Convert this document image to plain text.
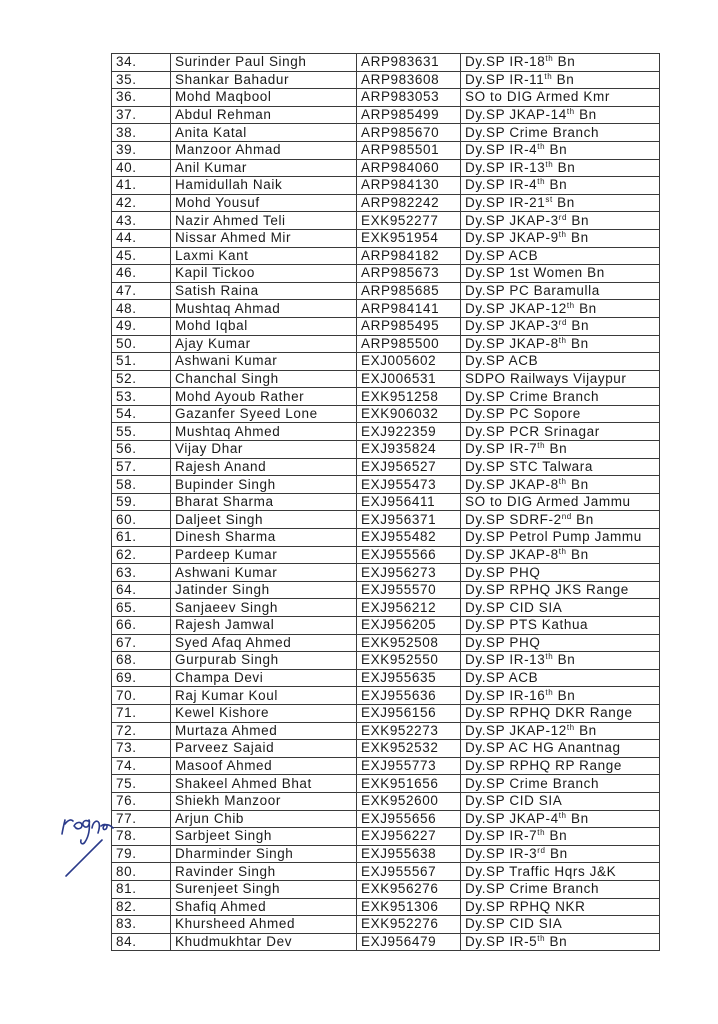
34.	Surinder Paul Singh	ARP983631	Dy.SP IR-18th Bn
35.	Shankar Bahadur	ARP983608	Dy.SP IR-11th Bn
36.	Mohd Maqbool	ARP983053	SO to DIG Armed Kmr
37.	Abdul Rehman	ARP985499	Dy.SP JKAP-14th Bn
38.	Anita Katal	ARP985670	Dy.SP Crime Branch
39.	Manzoor Ahmad	ARP985501	Dy.SP IR-4th Bn
40.	Anil Kumar	ARP984060	Dy.SP IR-13th Bn
41.	Hamidullah Naik	ARP984130	Dy.SP IR-4th Bn
42.	Mohd Yousuf	ARP982242	Dy.SP IR-21st Bn
43.	Nazir Ahmed Teli	EXK952277	Dy.SP JKAP-3rd Bn
44.	Nissar Ahmed Mir	EXK951954	Dy.SP JKAP-9th Bn
45.	Laxmi Kant	ARP984182	Dy.SP ACB
46.	Kapil Tickoo	ARP985673	Dy.SP 1st Women Bn
47.	Satish Raina	ARP985685	Dy.SP PC Baramulla
48.	Mushtaq Ahmad	ARP984141	Dy.SP JKAP-12th Bn
49.	Mohd Iqbal	ARP985495	Dy.SP JKAP-3rd Bn
50.	Ajay Kumar	ARP985500	Dy.SP JKAP-8th Bn
51.	Ashwani Kumar	EXJ005602	Dy.SP ACB
52.	Chanchal Singh	EXJ006531	SDPO Railways Vijaypur
53.	Mohd Ayoub Rather	EXK951258	Dy.SP Crime Branch
54.	Gazanfer Syeed Lone	EXK906032	Dy.SP PC Sopore
55.	Mushtaq Ahmed	EXJ922359	Dy.SP PCR Srinagar
56.	Vijay Dhar	EXJ935824	Dy.SP IR-7th Bn
57.	Rajesh Anand	EXJ956527	Dy.SP STC Talwara
58.	Bupinder Singh	EXJ955473	Dy.SP JKAP-8th Bn
59.	Bharat Sharma	EXJ956411	SO to DIG Armed Jammu
60.	Daljeet Singh	EXJ956371	Dy.SP SDRF-2nd Bn
61.	Dinesh Sharma	EXJ955482	Dy.SP Petrol Pump Jammu
62.	Pardeep Kumar	EXJ955566	Dy.SP JKAP-8th Bn
63.	Ashwani Kumar	EXJ956273	Dy.SP PHQ
64.	Jatinder Singh	EXJ955570	Dy.SP RPHQ JKS Range
65.	Sanjaeev Singh	EXJ956212	Dy.SP CID SIA
66.	Rajesh Jamwal	EXJ956205	Dy.SP PTS Kathua
67.	Syed Afaq Ahmed	EXK952508	Dy.SP PHQ
68.	Gurpurab Singh	EXK952550	Dy.SP IR-13th Bn
69.	Champa Devi	EXJ955635	Dy.SP ACB
70.	Raj Kumar Koul	EXJ955636	Dy.SP IR-16th Bn
71.	Kewel Kishore	EXJ956156	Dy.SP RPHQ DKR Range
72.	Murtaza Ahmed	EXK952273	Dy.SP JKAP-12th Bn
73.	Parveez Sajaid	EXK952532	Dy.SP AC HG Anantnag
74.	Masoof Ahmed	EXJ955773	Dy.SP RPHQ RP Range
75.	Shakeel Ahmed Bhat	EXK951656	Dy.SP Crime Branch
76.	Shiekh Manzoor	EXK952600	Dy.SP CID SIA
77.	Arjun Chib	EXJ955656	Dy.SP JKAP-4th Bn
78.	Sarbjeet Singh	EXJ956227	Dy.SP IR-7th Bn
79.	Dharminder Singh	EXJ955638	Dy.SP IR-3rd Bn
80.	Ravinder Singh	EXJ955567	Dy.SP Traffic Hqrs J&K
81.	Surenjeet Singh	EXK956276	Dy.SP Crime Branch
82.	Shafiq Ahmed	EXK951306	Dy.SP RPHQ NKR
83.	Khursheed Ahmed	EXK952276	Dy.SP CID SIA
84.	Khudmukhtar Dev	EXJ956479	Dy.SP IR-5th Bn
